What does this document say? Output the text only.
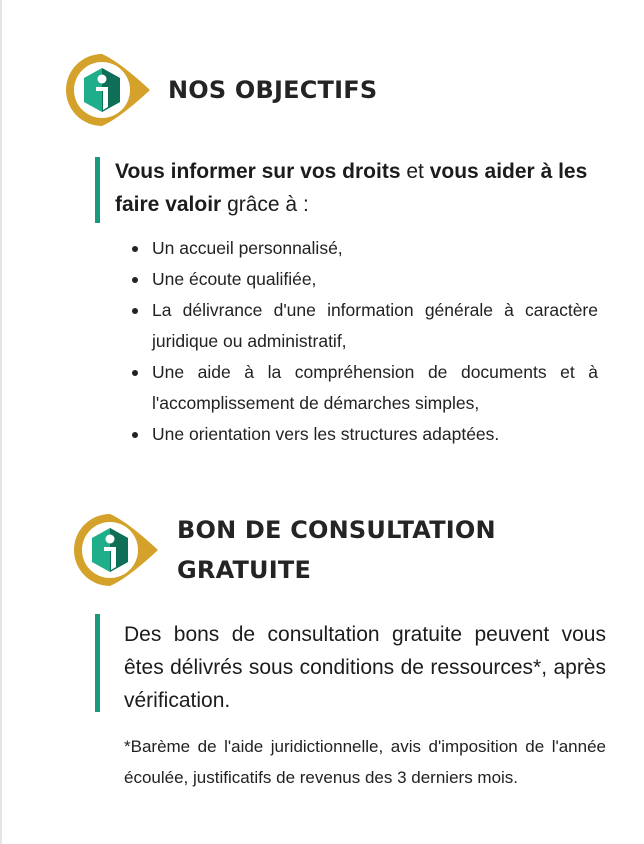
NOS OBJECTIFS

Vous informer sur vos droits et vous aider à les faire valoir grâce à :

Un accueil personnalisé,
Une écoute qualifiée,
La délivrance d'une information générale à caractère juridique ou administratif,
Une aide à la compréhension de documents et à l'accomplissement de démarches simples,
Une orientation vers les structures adaptées.
BON DE CONSULTATION
GRATUITE

Des bons de consultation gratuite peuvent vous êtes délivrés sous conditions de ressources*, après vérification.

*Barème de l'aide juridictionnelle, avis d'imposition de l'année écoulée, justificatifs de revenus des 3 derniers mois.
